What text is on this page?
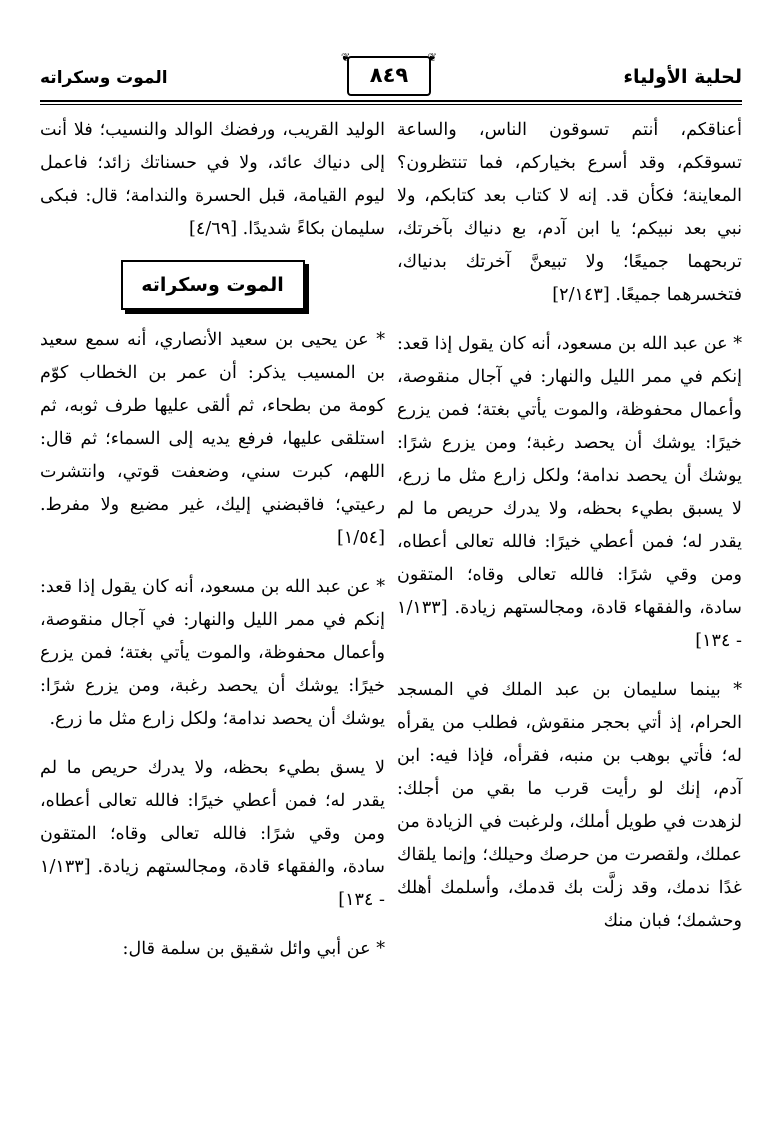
لحلية الأولياء
❦ ٨٤٩ ❦
الموت وسكراته

أعناقكم، أنتم تسوقون الناس، والساعة تسوقكم، وقد أسرع بخياركم، فما تنتظرون؟ المعاينة؛ فكأن قد. إنه لا كتاب بعد كتابكم، ولا نبي بعد نبيكم؛ يا ابن آدم، بع دنياك بآخرتك، تربحهما جميعًا؛ ولا تبيعنَّ آخرتك بدنياك، فتخسرهما جميعًا. [٢/١٤٣]

* عن عبد الله بن مسعود، أنه كان يقول إذا قعد: إنكم في ممر الليل والنهار: في آجال منقوصة، وأعمال محفوظة، والموت يأتي بغتة؛ فمن يزرع خيرًا: يوشك أن يحصد رغبة؛ ومن يزرع شرًا: يوشك أن يحصد ندامة؛ ولكل زارع مثل ما زرع، لا يسبق بطيء بحظه، ولا يدرك حريص ما لم يقدر له؛ فمن أعطي خيرًا: فالله تعالى أعطاه، ومن وقي شرًا: فالله تعالى وقاه؛ المتقون سادة، والفقهاء قادة، ومجالستهم زيادة. [١/١٣٣ - ١٣٤]

* بينما سليمان بن عبد الملك في المسجد الحرام، إذ أتي بحجر منقوش، فطلب من يقرأه له؛ فأتي بوهب بن منبه، فقرأه، فإذا فيه: ابن آدم، إنك لو رأيت قرب ما بقي من أجلك: لزهدت في طويل أملك، ولرغبت في الزيادة من عملك، ولقصرت من حرصك وحيلك؛ وإنما يلقاك غدًا ندمك، وقد زلَّت بك قدمك، وأسلمك أهلك وحشمك؛ فبان منك

الوليد القريب، ورفضك الوالد والنسيب؛ فلا أنت إلى دنياك عائد، ولا في حسناتك زائد؛ فاعمل ليوم القيامة، قبل الحسرة والندامة؛ قال: فبكى سليمان بكاءً شديدًا. [٤/٦٩]

الموت وسكراته

* عن يحيى بن سعيد الأنصاري، أنه سمع سعيد بن المسيب يذكر: أن عمر بن الخطاب كوّم كومة من بطحاء، ثم ألقى عليها طرف ثوبه، ثم استلقى عليها، فرفع يديه إلى السماء؛ ثم قال: اللهم، كبرت سني، وضعفت قوتي، وانتشرت رعيتي؛ فاقبضني إليك، غير مضيع ولا مفرط. [١/٥٤]

* عن عبد الله بن مسعود، أنه كان يقول إذا قعد: إنكم في ممر الليل والنهار: في آجال منقوصة، وأعمال محفوظة، والموت يأتي بغتة؛ فمن يزرع خيرًا: يوشك أن يحصد رغبة، ومن يزرع شرًا: يوشك أن يحصد ندامة؛ ولكل زارع مثل ما زرع.

لا يسق بطيء بحظه، ولا يدرك حريص ما لم يقدر له؛ فمن أعطي خيرًا: فالله تعالى أعطاه، ومن وقي شرًا: فالله تعالى وقاه؛ المتقون سادة، والفقهاء قادة، ومجالستهم زيادة. [١/١٣٣ - ١٣٤]

* عن أبي وائل شقيق بن سلمة قال:
